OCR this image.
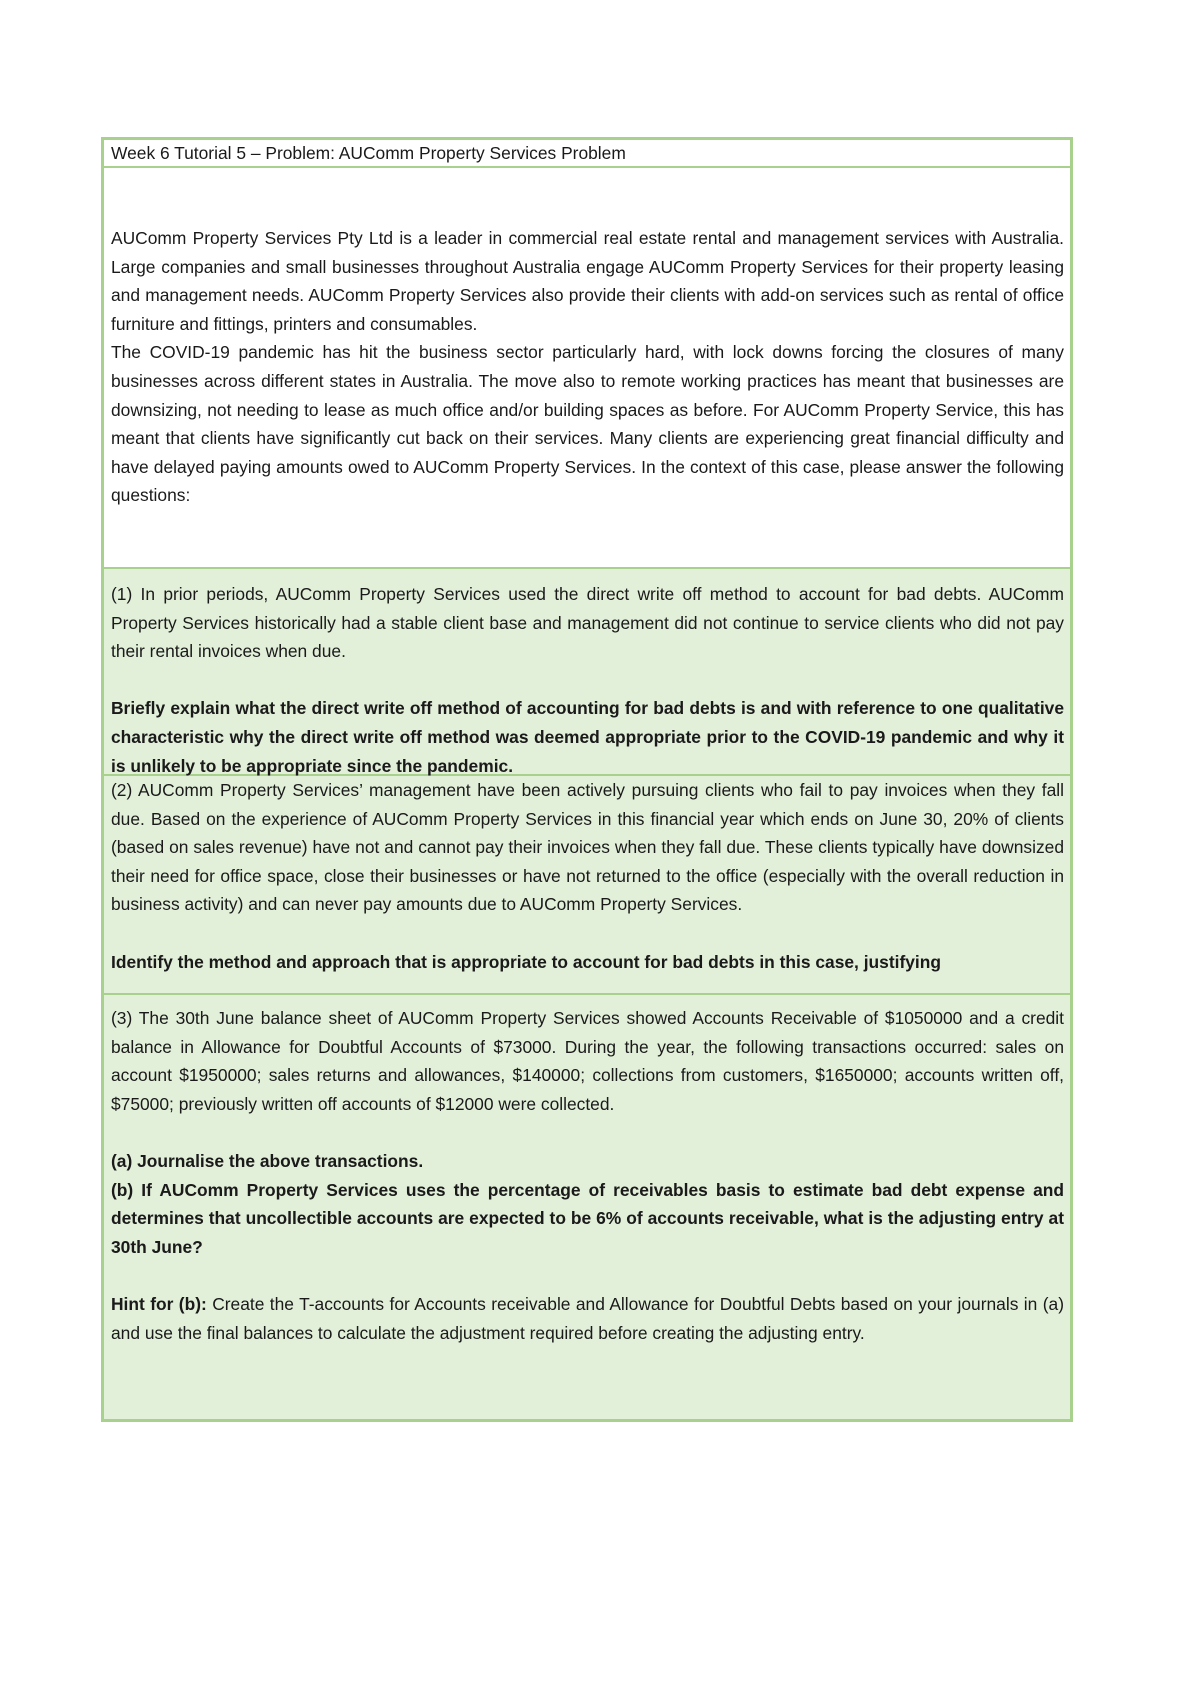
Week 6 Tutorial 5 – Problem: AUComm Property Services Problem

AUComm Property Services Pty Ltd is a leader in commercial real estate rental and management services with Australia. Large companies and small businesses throughout Australia engage AUComm Property Services for their property leasing and management needs. AUComm Property Services also provide their clients with add-on services such as rental of office furniture and fittings, printers and consumables.

The COVID-19 pandemic has hit the business sector particularly hard, with lock downs forcing the closures of many businesses across different states in Australia. The move also to remote working practices has meant that businesses are downsizing, not needing to lease as much office and/or building spaces as before. For AUComm Property Service, this has meant that clients have significantly cut back on their services. Many clients are experiencing great financial difficulty and have delayed paying amounts owed to AUComm Property Services. In the context of this case, please answer the following questions:

(1) In prior periods, AUComm Property Services used the direct write off method to account for bad debts. AUComm Property Services historically had a stable client base and management did not continue to service clients who did not pay their rental invoices when due.

Briefly explain what the direct write off method of accounting for bad debts is and with reference to one qualitative characteristic why the direct write off method was deemed appropriate prior to the COVID-19 pandemic and why it is unlikely to be appropriate since the pandemic.

(2) AUComm Property Services’ management have been actively pursuing clients who fail to pay invoices when they fall due. Based on the experience of AUComm Property Services in this financial year which ends on June 30, 20% of clients (based on sales revenue) have not and cannot pay their invoices when they fall due. These clients typically have downsized their need for office space, close their businesses or have not returned to the office (especially with the overall reduction in business activity) and can never pay amounts due to AUComm Property Services.

Identify the method and approach that is appropriate to account for bad debts in this case, justifying

(3) The 30th June balance sheet of AUComm Property Services showed Accounts Receivable of $1050000 and a credit balance in Allowance for Doubtful Accounts of $73000. During the year, the following transactions occurred: sales on account $1950000; sales returns and allowances, $140000; collections from customers, $1650000; accounts written off, $75000; previously written off accounts of $12000 were collected.

(a) Journalise the above transactions.

(b) If AUComm Property Services uses the percentage of receivables basis to estimate bad debt expense and determines that uncollectible accounts are expected to be 6% of accounts receivable, what is the adjusting entry at 30th June?

Hint for (b): Create the T-accounts for Accounts receivable and Allowance for Doubtful Debts based on your journals in (a) and use the final balances to calculate the adjustment required before creating the adjusting entry.
